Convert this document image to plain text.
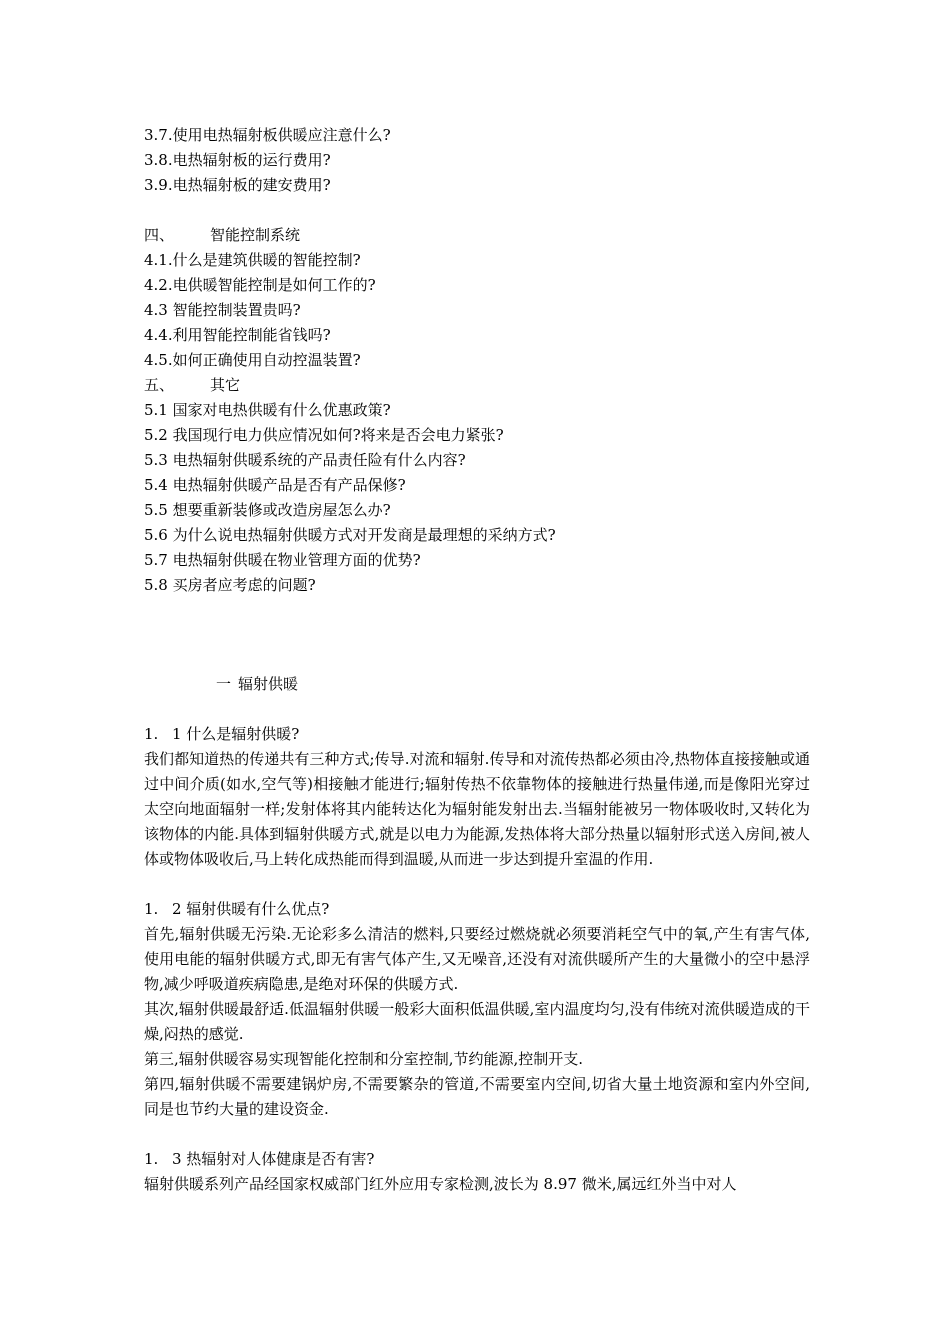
3.7.使用电热辐射板供暖应注意什么?
3.8.电热辐射板的运行费用?
3.9.电热辐射板的建安费用?
四、 智能控制系统
4.1.什么是建筑供暖的智能控制?
4.2.电供暖智能控制是如何工作的?
4.3 智能控制装置贵吗?
4.4.利用智能控制能省钱吗?
4.5.如何正确使用自动控温装置?
五、 其它
5.1 国家对电热供暖有什么优惠政策?
5.2 我国现行电力供应情况如何?将来是否会电力紧张?
5.3 电热辐射供暖系统的产品责任险有什么内容?
5.4 电热辐射供暖产品是否有产品保修?
5.5 想要重新装修或改造房屋怎么办?
5.6 为什么说电热辐射供暖方式对开发商是最理想的采纳方式?
5.7 电热辐射供暖在物业管理方面的优势?
5.8 买房者应考虑的问题?
一 辐射供暖
1. 1 什么是辐射供暖?
我们都知道热的传递共有三种方式;传导.对流和辐射.传导和对流传热都必须由冷,热物体直接接触或通过中间介质(如水,空气等)相接触才能进行;辐射传热不依靠物体的接触进行热量伟递,而是像阳光穿过太空向地面辐射一样;发射体将其内能转达化为辐射能发射出去.当辐射能被另一物体吸收时,又转化为该物体的内能.具体到辐射供暖方式,就是以电力为能源,发热体将大部分热量以辐射形式送入房间,被人体或物体吸收后,马上转化成热能而得到温暖,从而进一步达到提升室温的作用.
1. 2 辐射供暖有什么优点?
首先,辐射供暖无污染.无论彩多么清洁的燃料,只要经过燃烧就必须要消耗空气中的氧,产生有害气体,使用电能的辐射供暖方式,即无有害气体产生,又无噪音,还没有对流供暖所产生的大量微小的空中悬浮物,减少呼吸道疾病隐患,是绝对环保的供暖方式.
其次,辐射供暖最舒适.低温辐射供暖一般彩大面积低温供暖,室内温度均匀,没有伟统对流供暖造成的干燥,闷热的感觉.
第三,辐射供暖容易实现智能化控制和分室控制,节约能源,控制开支.
第四,辐射供暖不需要建锅炉房,不需要繁杂的管道,不需要室内空间,切省大量土地资源和室内外空间,同是也节约大量的建设资金.
1. 3 热辐射对人体健康是否有害?
辐射供暖系列产品经国家权威部门红外应用专家检测,波长为 8.97 微米,属远红外当中对人
